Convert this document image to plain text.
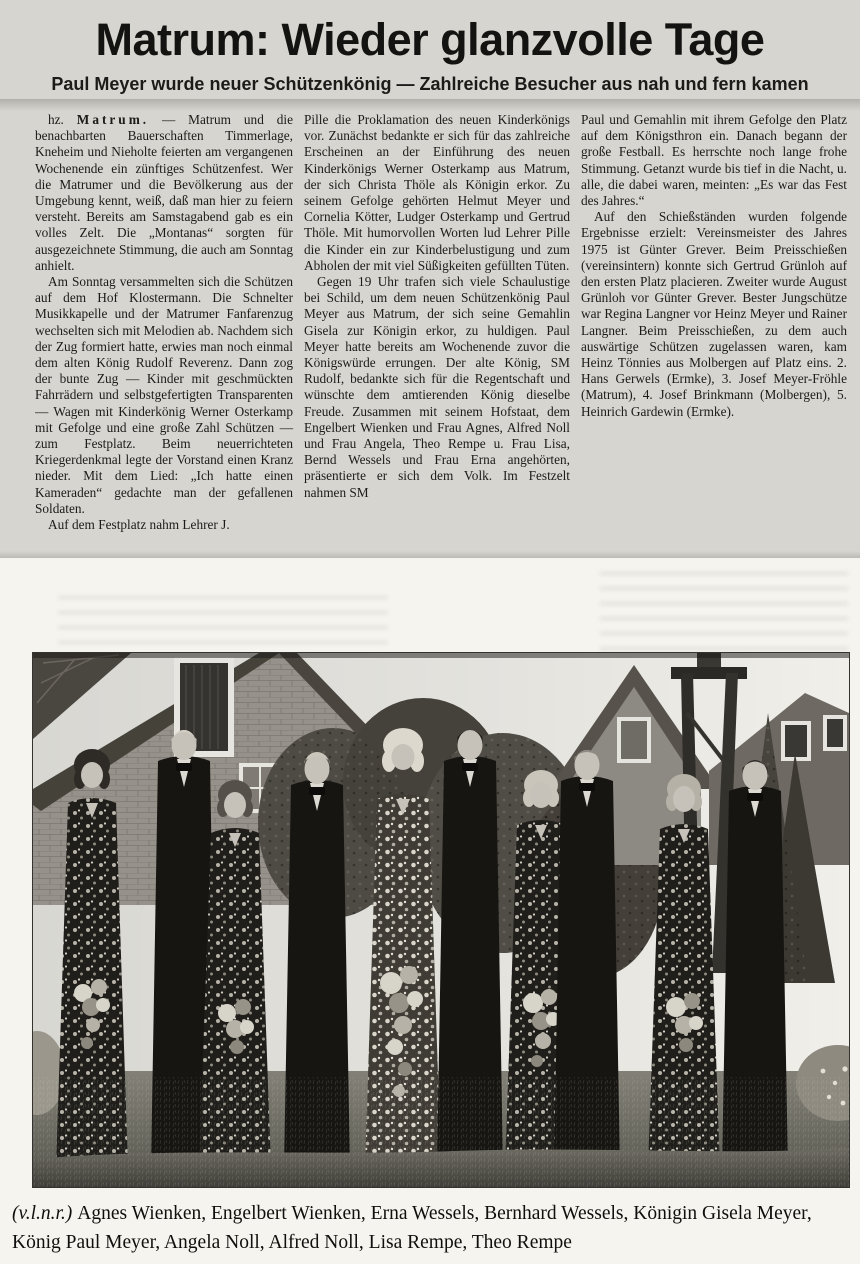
Matrum: Wieder glanzvolle Tage
Paul Meyer wurde neuer Schützenkönig — Zahlreiche Besucher aus nah und fern kamen

hz. Matrum. — Matrum und die benachbarten Bauerschaften Timmerlage, Kneheim und Nieholte feierten am vergangenen Wochenende ein zünftiges Schützenfest. Wer die Matrumer und die Bevölkerung aus der Umgebung kennt, weiß, daß man hier zu feiern versteht. Bereits am Samstagabend gab es ein volles Zelt. Die „Montanas“ sorgten für ausgezeichnete Stimmung, die auch am Sonntag anhielt.

Am Sonntag versammelten sich die Schützen auf dem Hof Klostermann. Die Schnelter Musikkapelle und der Matrumer Fanfarenzug wechselten sich mit Melodien ab. Nachdem sich der Zug formiert hatte, erwies man noch einmal dem alten König Rudolf Reverenz. Dann zog der bunte Zug — Kinder mit geschmückten Fahrrädern und selbstgefertigten Transparenten — Wagen mit Kinderkönig Werner Osterkamp mit Gefolge und eine große Zahl Schützen — zum Festplatz. Beim neuerrichteten Kriegerdenkmal legte der Vorstand einen Kranz nieder. Mit dem Lied: „Ich hatte einen Kameraden“ gedachte man der gefallenen Soldaten.

Auf dem Festplatz nahm Lehrer J.

Pille die Proklamation des neuen Kinderkönigs vor. Zunächst bedankte er sich für das zahlreiche Erscheinen an der Einführung des neuen Kinderkönigs Werner Osterkamp aus Matrum, der sich Christa Thöle als Königin erkor. Zu seinem Gefolge gehörten Helmut Meyer und Cornelia Kötter, Ludger Osterkamp und Gertrud Thöle. Mit humorvollen Worten lud Lehrer Pille die Kinder ein zur Kinderbelustigung und zum Abholen der mit viel Süßigkeiten gefüllten Tüten.

Gegen 19 Uhr trafen sich viele Schaulustige bei Schild, um dem neuen Schützenkönig Paul Meyer aus Matrum, der sich seine Gemahlin Gisela zur Königin erkor, zu huldigen. Paul Meyer hatte bereits am Wochenende zuvor die Königswürde errungen. Der alte König, SM Rudolf, bedankte sich für die Regentschaft und wünschte dem amtierenden König dieselbe Freude. Zusammen mit seinem Hofstaat, dem Engelbert Wienken und Frau Agnes, Alfred Noll und Frau Angela, Theo Rempe u. Frau Lisa, Bernd Wessels und Frau Erna angehörten, präsentierte er sich dem Volk. Im Festzelt nahmen SM

Paul und Gemahlin mit ihrem Gefolge den Platz auf dem Königsthron ein. Danach begann der große Festball. Es herrschte noch lange frohe Stimmung. Getanzt wurde bis tief in die Nacht, u. alle, die dabei waren, meinten: „Es war das Fest des Jahres.“

Auf den Schießständen wurden folgende Ergebnisse erzielt: Vereinsmeister des Jahres 1975 ist Günter Grever. Beim Preisschießen (vereinsintern) konnte sich Gertrud Grünloh auf den ersten Platz placieren. Zweiter wurde August Grünloh vor Günter Grever. Bester Jungschütze war Regina Langner vor Heinz Meyer und Rainer Langner. Beim Preisschießen, zu dem auch auswärtige Schützen zugelassen waren, kam Heinz Tönnies aus Molbergen auf Platz eins. 2. Hans Gerwels (Ermke), 3. Josef Meyer-Fröhle (Matrum), 4. Josef Brinkmann (Molbergen), 5. Heinrich Gardewin (Ermke).

(v.l.n.r.) Agnes Wienken, Engelbert Wienken, Erna Wessels, Bernhard Wessels, Königin Gisela Meyer, König Paul Meyer, Angela Noll, Alfred Noll, Lisa Rempe, Theo Rempe
